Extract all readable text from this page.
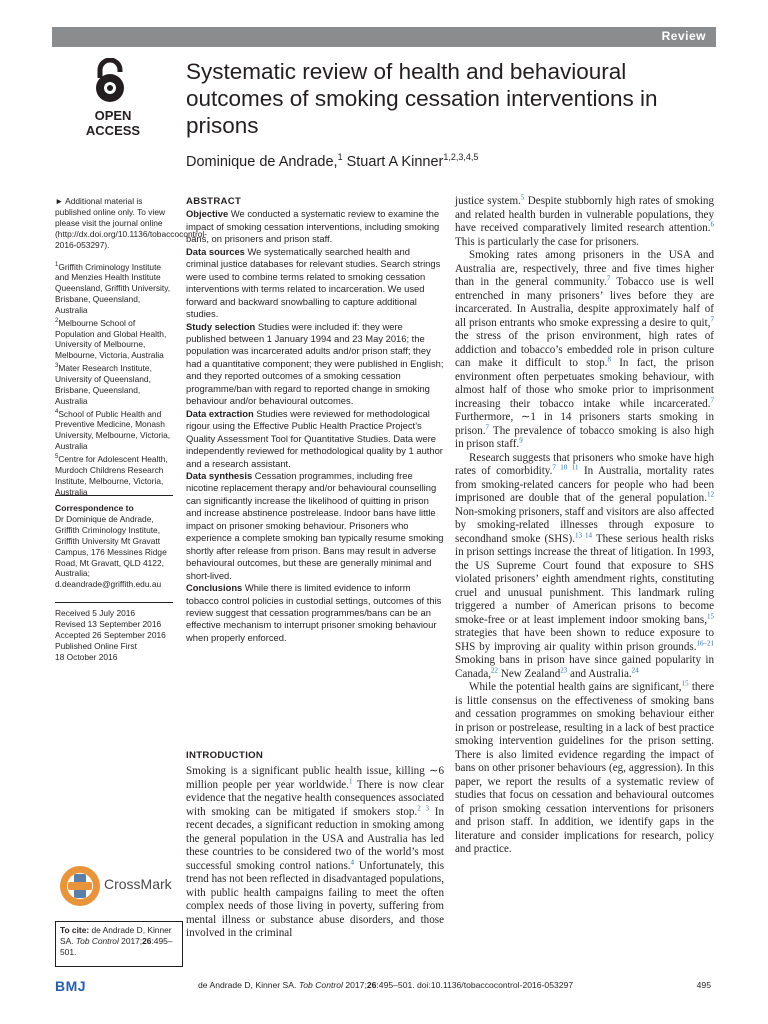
Review
OPEN ACCESS
Systematic review of health and behavioural outcomes of smoking cessation interventions in prisons
Dominique de Andrade,$^1$ Stuart A Kinner$^{1,2,3,4,5}$

► Additional material is published online only. To view please visit the journal online (http://dx.doi.org/10.1136/tobaccocontrol-2016-053297).

$^1$Griffith Criminology Institute and Menzies Health Institute Queensland, Griffith University, Brisbane, Queensland, Australia

$^2$Melbourne School of Population and Global Health, University of Melbourne, Melbourne, Victoria, Australia

$^3$Mater Research Institute, University of Queensland, Brisbane, Queensland, Australia

$^4$School of Public Health and Preventive Medicine, Monash University, Melbourne, Victoria, Australia

$^5$Centre for Adolescent Health, Murdoch Childrens Research Institute, Melbourne, Victoria, Australia

Correspondence to

Dr Dominique de Andrade, Griffith Criminology Institute, Griffith University Mt Gravatt Campus, 176 Messines Ridge Road, Mt Gravatt, QLD 4122, Australia; d.deandrade@griffith.edu.au

Received 5 July 2016

Revised 13 September 2016

Accepted 26 September 2016

Published Online First

18 October 2016

CrossMark
To cite: de Andrade D, Kinner SA. Tob Control 2017;26:495–501.

ABSTRACT

Objective We conducted a systematic review to examine the impact of smoking cessation interventions, including smoking bans, on prisoners and prison staff.

Data sources We systematically searched health and criminal justice databases for relevant studies. Search strings were used to combine terms related to smoking cessation interventions with terms related to incarceration. We used forward and backward snowballing to capture additional studies.

Study selection Studies were included if: they were published between 1 January 1994 and 23 May 2016; the population was incarcerated adults and/or prison staff; they had a quantitative component; they were published in English; and they reported outcomes of a smoking cessation programme/ban with regard to reported change in smoking behaviour and/or behavioural outcomes.

Data extraction Studies were reviewed for methodological rigour using the Effective Public Health Practice Project’s Quality Assessment Tool for Quantitative Studies. Data were independently reviewed for methodological quality by 1 author and a research assistant.

Data synthesis Cessation programmes, including free nicotine replacement therapy and/or behavioural counselling can significantly increase the likelihood of quitting in prison and increase abstinence postrelease. Indoor bans have little impact on prisoner smoking behaviour. Prisoners who experience a complete smoking ban typically resume smoking shortly after release from prison. Bans may result in adverse behavioural outcomes, but these are generally minimal and short-lived.

Conclusions While there is limited evidence to inform tobacco control policies in custodial settings, outcomes of this review suggest that cessation programmes/bans can be an effective mechanism to interrupt prisoner smoking behaviour when properly enforced.

INTRODUCTION

Smoking is a significant public health issue, killing ∼6 million people per year worldwide.$^1$ There is now clear evidence that the negative health consequences associated with smoking can be mitigated if smokers stop.$^{2 3}$ In recent decades, a significant reduction in smoking among the general population in the USA and Australia has led these countries to be considered two of the world’s most successful smoking control nations.$^4$ Unfortunately, this trend has not been reflected in disadvantaged populations, with public health campaigns failing to meet the often complex needs of those living in poverty, suffering from mental illness or substance abuse disorders, and those involved in the criminal

justice system.$^5$ Despite stubbornly high rates of smoking and related health burden in vulnerable populations, they have received comparatively limited research attention.$^6$ This is particularly the case for prisoners.

Smoking rates among prisoners in the USA and Australia are, respectively, three and five times higher than in the general community.$^7$ Tobacco use is well entrenched in many prisoners’ lives before they are incarcerated. In Australia, despite approximately half of all prison entrants who smoke expressing a desire to quit,$^7$ the stress of the prison environment, high rates of addiction and tobacco’s embedded role in prison culture can make it difficult to stop.$^8$ In fact, the prison environment often perpetuates smoking behaviour, with almost half of those who smoke prior to imprisonment increasing their tobacco intake while incarcerated.$^7$ Furthermore, ∼1 in 14 prisoners starts smoking in prison.$^7$ The prevalence of tobacco smoking is also high in prison staff.$^9$

Research suggests that prisoners who smoke have high rates of comorbidity.$^{7 10 11}$ In Australia, mortality rates from smoking-related cancers for people who had been imprisoned are double that of the general population.$^{12}$ Non-smoking prisoners, staff and visitors are also affected by smoking-related illnesses through exposure to secondhand smoke (SHS).$^{13 14}$ These serious health risks in prison settings increase the threat of litigation. In 1993, the US Supreme Court found that exposure to SHS violated prisoners’ eighth amendment rights, constituting cruel and unusual punishment. This landmark ruling triggered a number of American prisons to become smoke-free or at least implement indoor smoking bans,$^{15}$ strategies that have been shown to reduce exposure to SHS by improving air quality within prison grounds.$^{16-21}$ Smoking bans in prison have since gained popularity in Canada,$^{22}$ New Zealand$^{23}$ and Australia.$^{24}$

While the potential health gains are significant,$^{15}$ there is little consensus on the effectiveness of smoking bans and cessation programmes on smoking behaviour either in prison or postrelease, resulting in a lack of best practice smoking intervention guidelines for the prison setting. There is also limited evidence regarding the impact of bans on other prisoner behaviours (eg, aggression). In this paper, we report the results of a systematic review of studies that focus on cessation and behavioural outcomes of prison smoking cessation interventions for prisoners and prison staff. In addition, we identify gaps in the literature and consider implications for research, policy and practice.

BMJ	de Andrade D, Kinner SA. Tob Control 2017;26:495–501. doi:10.1136/tobaccocontrol-2016-053297	495
